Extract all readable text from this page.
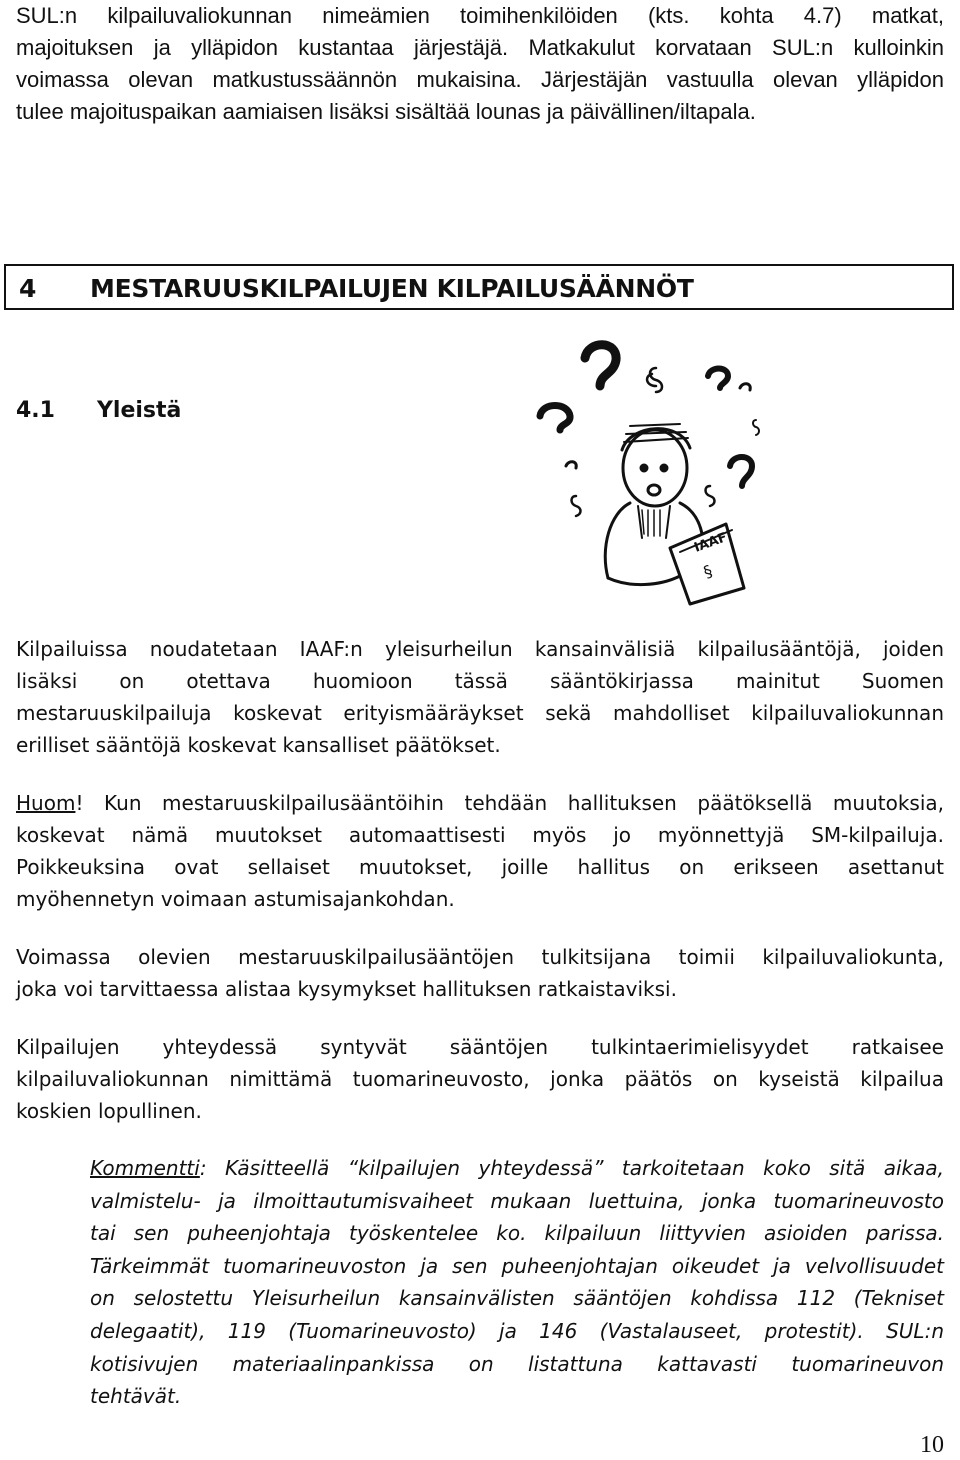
SUL:n kilpailuvaliokunnan nimeämien toimihenkilöiden (kts. kohta 4.7) matkat,
majoituksen ja ylläpidon kustantaa järjestäjä. Matkakulut korvataan SUL:n kulloinkin
voimassa olevan matkustussäännön mukaisina. Järjestäjän vastuulla olevan ylläpidon
tulee majoituspaikan aamiaisen lisäksi sisältää lounas ja päivällinen/iltapala.
4 MESTARUUSKILPAILUJEN KILPAILUSÄÄNNÖT
4.1 Yleistä
IAAF
§
Kilpailuissa noudatetaan IAAF:n yleisurheilun kansainvälisiä kilpailusääntöjä, joiden
lisäksi on otettava huomioon tässä sääntökirjassa mainitut Suomen
mestaruuskilpailuja koskevat erityismääräykset sekä mahdolliset kilpailuvaliokunnan
erilliset sääntöjä koskevat kansalliset päätökset.
Huom! Kun mestaruuskilpailusääntöihin tehdään hallituksen päätöksellä muutoksia,
koskevat nämä muutokset automaattisesti myös jo myönnettyjä SM-kilpailuja.
Poikkeuksina ovat sellaiset muutokset, joille hallitus on erikseen asettanut
myöhennetyn voimaan astumisajankohdan.
Voimassa olevien mestaruuskilpailusääntöjen tulkitsijana toimii kilpailuvaliokunta,
joka voi tarvittaessa alistaa kysymykset hallituksen ratkaistaviksi.
Kilpailujen yhteydessä syntyvät sääntöjen tulkintaerimielisyydet ratkaisee
kilpailuvaliokunnan nimittämä tuomarineuvosto, jonka päätös on kyseistä kilpailua
koskien lopullinen.
Kommentti: Käsitteellä “kilpailujen yhteydessä” tarkoitetaan koko sitä aikaa,
valmistelu- ja ilmoittautumisvaiheet mukaan luettuina, jonka tuomarineuvosto
tai sen puheenjohtaja työskentelee ko. kilpailuun liittyvien asioiden parissa.
Tärkeimmät tuomarineuvoston ja sen puheenjohtajan oikeudet ja velvollisuudet
on selostettu Yleisurheilun kansainvälisten sääntöjen kohdissa 112 (Tekniset
delegaatit), 119 (Tuomarineuvosto) ja 146 (Vastalauseet, protestit). SUL:n
kotisivujen materiaalinpankissa on listattuna kattavasti tuomarineuvon
tehtävät.
10
